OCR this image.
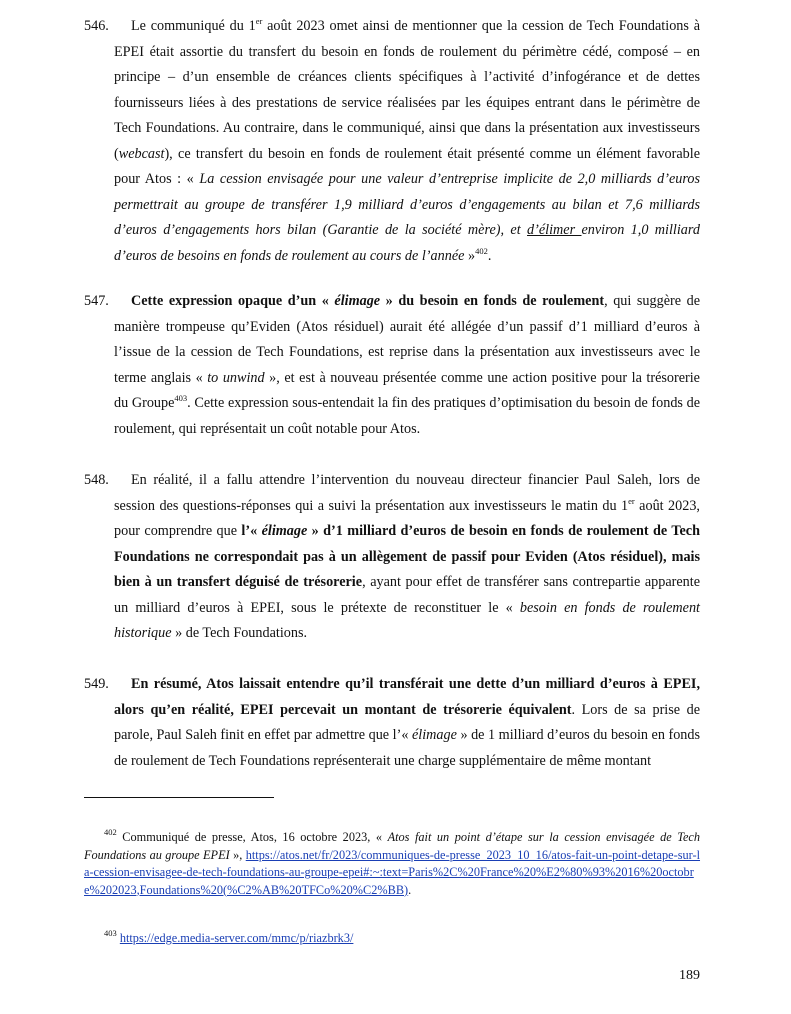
546.	Le communiqué du 1er août 2023 omet ainsi de mentionner que la cession de Tech Foundations à EPEI était assortie du transfert du besoin en fonds de roulement du périmètre cédé, composé – en principe – d’un ensemble de créances clients spécifiques à l’activité d’infogérance et de dettes fournisseurs liées à des prestations de service réalisées par les équipes entrant dans le périmètre de Tech Foundations. Au contraire, dans le communiqué, ainsi que dans la présentation aux investisseurs (webcast), ce transfert du besoin en fonds de roulement était présenté comme un élément favorable pour Atos : « La cession envisagée pour une valeur d’entreprise implicite de 2,0 milliards d’euros permettrait au groupe de transférer 1,9 milliard d’euros d’engagements au bilan et 7,6 milliards d’euros d’engagements hors bilan (Garantie de la société mère), et d’élimer environ 1,0 milliard d’euros de besoins en fonds de roulement au cours de l’année »$^{402}$.
547.	Cette expression opaque d’un « élimage » du besoin en fonds de roulement, qui suggère de manière trompeuse qu’Eviden (Atos résiduel) aurait été allégée d’un passif d’1 milliard d’euros à l’issue de la cession de Tech Foundations, est reprise dans la présentation aux investisseurs avec le terme anglais « to unwind », et est à nouveau présentée comme une action positive pour la trésorerie du Groupe$^{403}$. Cette expression sous-entendait la fin des pratiques d’optimisation du besoin de fonds de roulement, qui représentait un coût notable pour Atos.
548.	En réalité, il a fallu attendre l’intervention du nouveau directeur financier Paul Saleh, lors de session des questions-réponses qui a suivi la présentation aux investisseurs le matin du 1er août 2023, pour comprendre que l’« élimage » d’1 milliard d’euros de besoin en fonds de roulement de Tech Foundations ne correspondait pas à un allègement de passif pour Eviden (Atos résiduel), mais bien à un transfert déguisé de trésorerie, ayant pour effet de transférer sans contrepartie apparente un milliard d’euros à EPEI, sous le prétexte de reconstituer le « besoin en fonds de roulement historique » de Tech Foundations.
549.	En résumé, Atos laissait entendre qu’il transférait une dette d’un milliard d’euros à EPEI, alors qu’en réalité, EPEI percevait un montant de trésorerie équivalent. Lors de sa prise de parole, Paul Saleh finit en effet par admettre que l’« élimage » de 1 milliard d’euros du besoin en fonds de roulement de Tech Foundations représenterait une charge supplémentaire de même montant
$^{402}$ Communiqué de presse, Atos, 16 octobre 2023, « Atos fait un point d’étape sur la cession envisagée de Tech Foundations au groupe EPEI », https://atos.net/fr/2023/communiques-de-presse_2023_10_16/atos-fait-un-point-detape-sur-la-cession-envisagee-de-tech-foundations-au-groupe-epei#:~:text=Paris%2C%20France%20%E2%80%93%2016%20octobre%202023,Foundations%20(%C2%AB%20TFCo%20%C2%BB).
$^{403}$ https://edge.media-server.com/mmc/p/riazbrk3/
189
